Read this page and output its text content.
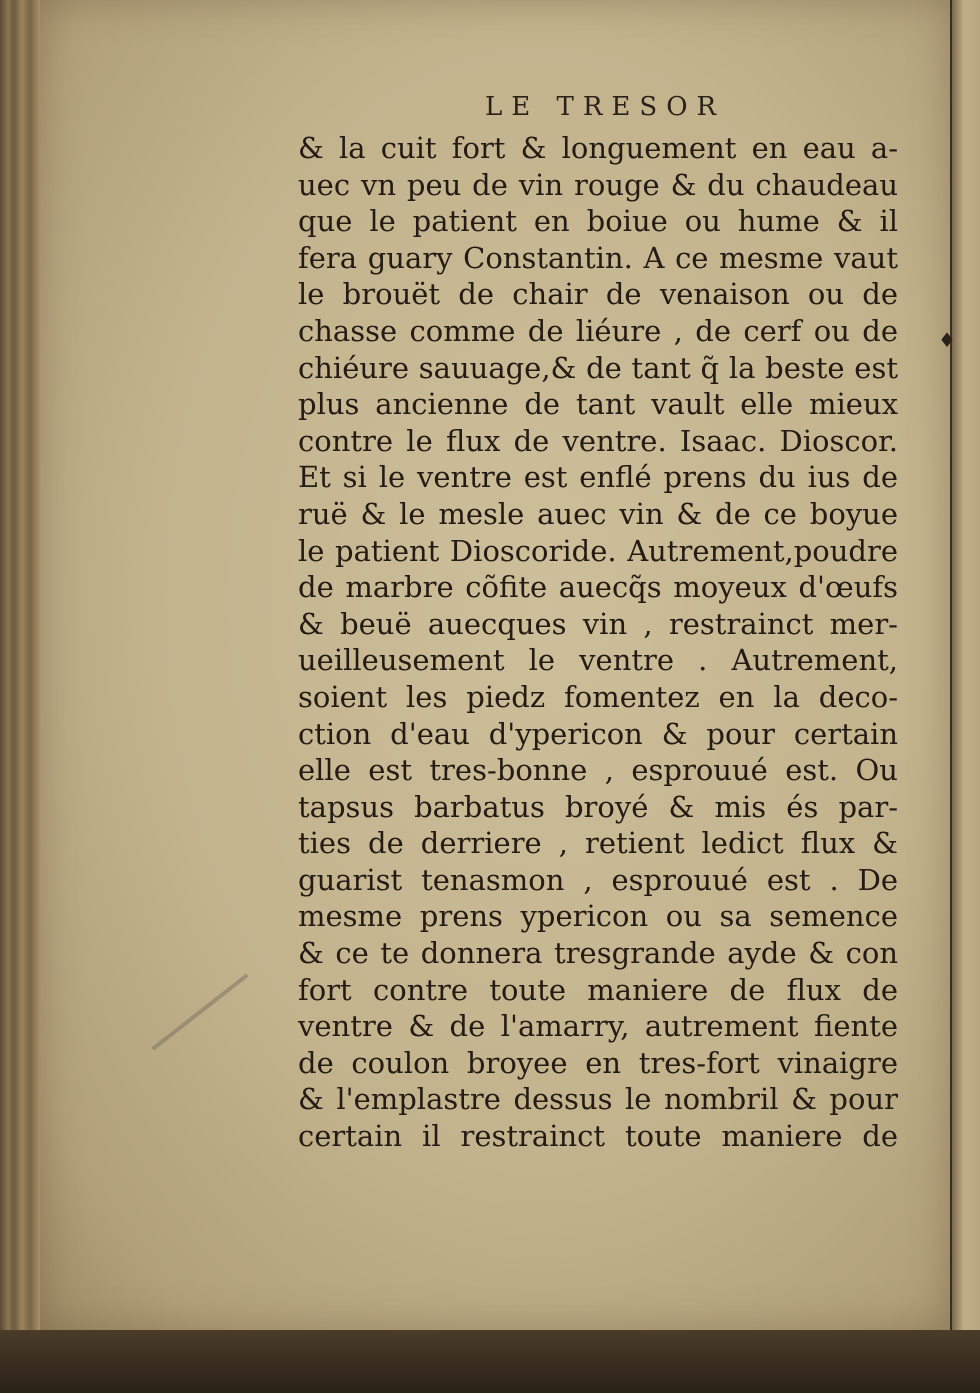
♦
LE TRESOR
& la cuit fort & longuement en eau a-
uec vn peu de vin rouge & du chaudeau
que le patient en boiue ou hume & il
fera guary Constantin. A ce mesme vaut
le brouët de chair de venaison ou de
chasse comme de liéure , de cerf ou de
chiéure sauuage,& de tant q̃ la beste est
plus ancienne de tant vault elle mieux
contre le flux de ventre. Isaac. Dioscor.
Et si le ventre est enflé prens du ius de
ruë & le mesle auec vin & de ce boyue
le patient Dioscoride. Autrement,poudre
de marbre cõfite auecq̃s moyeux d'œufs
& beuë auecques vin , restrainct mer-
ueilleusement le ventre . Autrement,
soient les piedz fomentez en la deco-
ction d'eau d'ypericon & pour certain
elle est tres-bonne , esprouué est. Ou
tapsus barbatus broyé & mis és par-
ties de derriere , retient ledict flux &
guarist tenasmon , esprouué est . De
mesme prens ypericon ou sa semence
& ce te donnera tresgrande ayde & con
fort contre toute maniere de flux de
ventre & de l'amarry, autrement fiente
de coulon broyee en tres-fort vinaigre
& l'emplastre dessus le nombril & pour
certain il restrainct toute maniere de
